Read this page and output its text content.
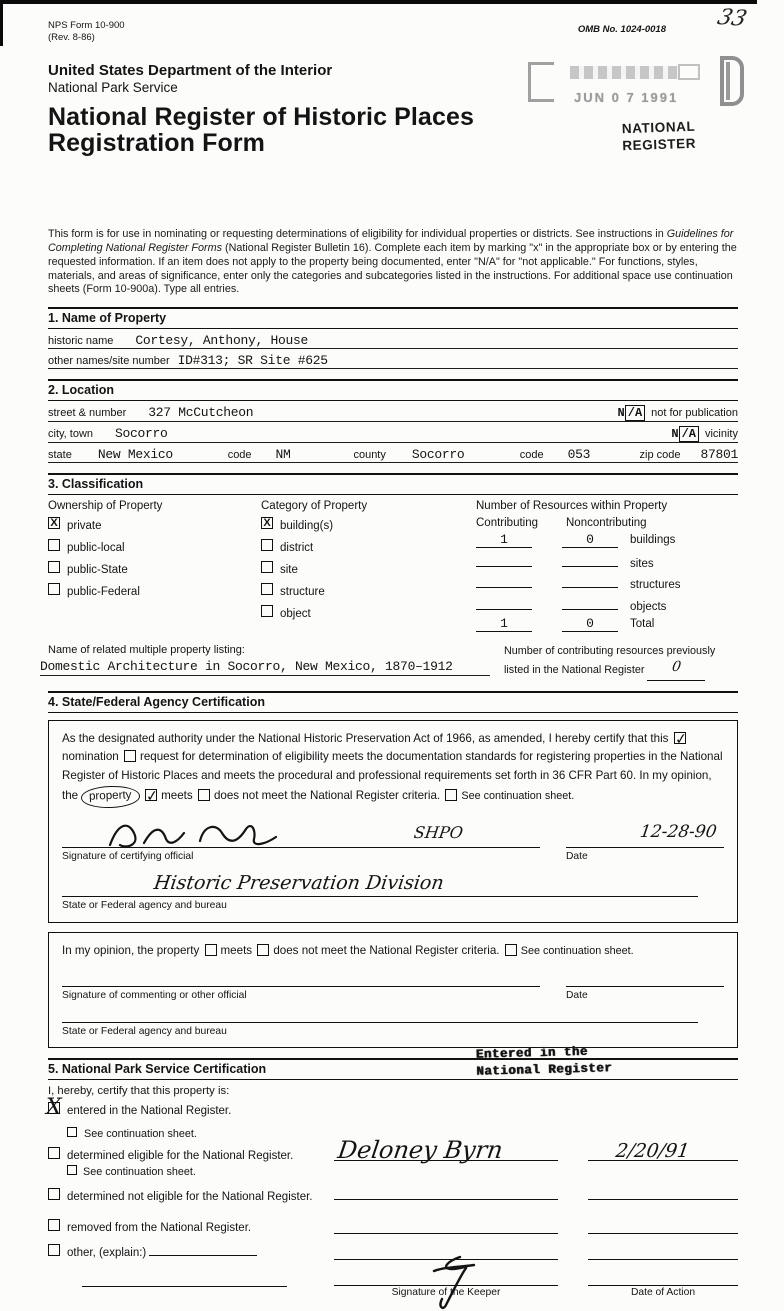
33
NPS Form 10-900
(Rev. 8-86)
OMB No. 1024-0018
United States Department of the Interior
National Park Service
National Register of Historic Places
Registration Form
JUN 0 7 1991
NATIONAL
REGISTER

This form is for use in nominating or requesting determinations of eligibility for individual properties or districts. See instructions in Guidelines for Completing National Register Forms (National Register Bulletin 16). Complete each item by marking "x" in the appropriate box or by entering the requested information. If an item does not apply to the property being documented, enter "N/A" for "not applicable." For functions, styles, materials, and areas of significance, enter only the categories and subcategories listed in the instructions. For additional space use continuation sheets (Form 10-900a). Type all entries.

1. Name of Property
historic name Cortesy, Anthony, House
other names/site number ID#313; SR Site #625
2. Location
street & number 327 McCutcheon	N /A not for publication
city, town Socorro	N /A vicinity
state New Mexico	code NM	county Socorro	code 053	zip code 87801
3. Classification
Ownership of Property
X private
public-local
public-State
public-Federal
Category of Property
X building(s)
district
site
structure
object
Number of Resources within Property
Contributing	Noncontributing
1	0	buildings
sites
structures
objects
1	0	Total
Name of related multiple property listing:
Domestic Architecture in Socorro, New Mexico, 1870–1912
Number of contributing resources previously
listed in the National Register 0
4. State/Federal Agency Certification
As the designated authority under the National Historic Preservation Act of 1966, as amended, I hereby certify that this ✓
nomination request for determination of eligibility meets the documentation standards for registering properties in the National Register of Historic Places and meets the procedural and professional requirements set forth in 36 CFR Part 60. In my opinion, the property ✓ meets does not meet the National Register criteria. See continuation sheet.
SHPO	12-28-90
Signature of certifying official	Date
Historic Preservation Division
State or Federal agency and bureau
In my opinion, the property meets does not meet the National Register criteria. See continuation sheet.
Signature of commenting or other official	Date
State or Federal agency and bureau
5. National Park Service Certification
Entered in the
National Register
I, hereby, certify that this property is:
X entered in the National Register.
See continuation sheet.
determined eligible for the National Register.
See continuation sheet.
determined not eligible for the National Register.
removed from the National Register.
other, (explain:)
Deloney Byrn	2/20/91
Signature of the Keeper	Date of Action
